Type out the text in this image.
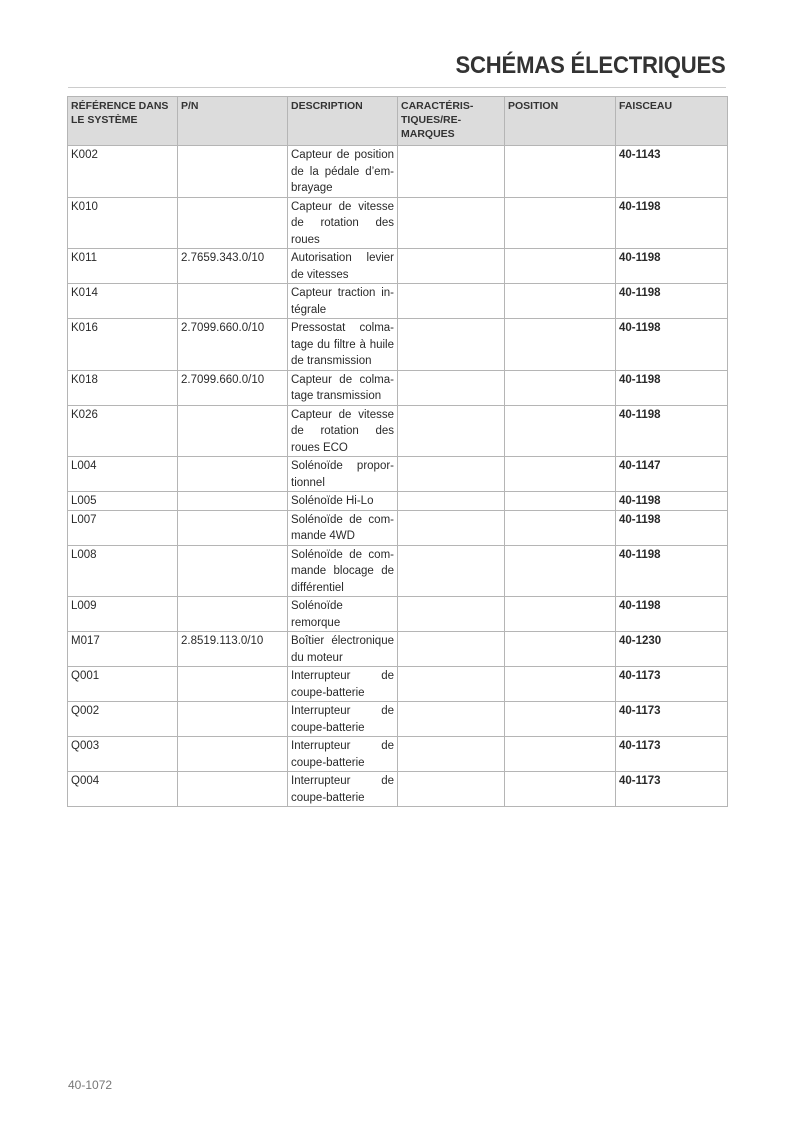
SCHÉMAS ÉLECTRIQUES
RÉFÉRENCE DANS LE SYSTÈME	P/N	DESCRIPTION	CARACTÉRIS-TIQUES/RE-MARQUES	POSITION	FAISCEAU
K002		Capteur de position de la pédale d’em-brayage			40-1143
K010		Capteur de vitesse de rotation des roues			40-1198
K011	2.7659.343.0/10	Autorisation levier de vitesses			40-1198
K014		Capteur traction in-tégrale			40-1198
K016	2.7099.660.0/10	Pressostat colma-tage du filtre à huile de transmission			40-1198
K018	2.7099.660.0/10	Capteur de colma-tage transmission			40-1198
K026		Capteur de vitesse de rotation des roues ECO			40-1198
L004		Solénoïde propor-tionnel			40-1147
L005		Solénoïde Hi-Lo			40-1198
L007		Solénoïde de com-mande 4WD			40-1198
L008		Solénoïde de com-mande blocage de différentiel			40-1198
L009		Solénoïde remorque			40-1198
M017	2.8519.113.0/10	Boîtier électronique du moteur			40-1230
Q001		Interrupteur de coupe-batterie			40-1173
Q002		Interrupteur de coupe-batterie			40-1173
Q003		Interrupteur de coupe-batterie			40-1173
Q004		Interrupteur de coupe-batterie			40-1173
40-1072
